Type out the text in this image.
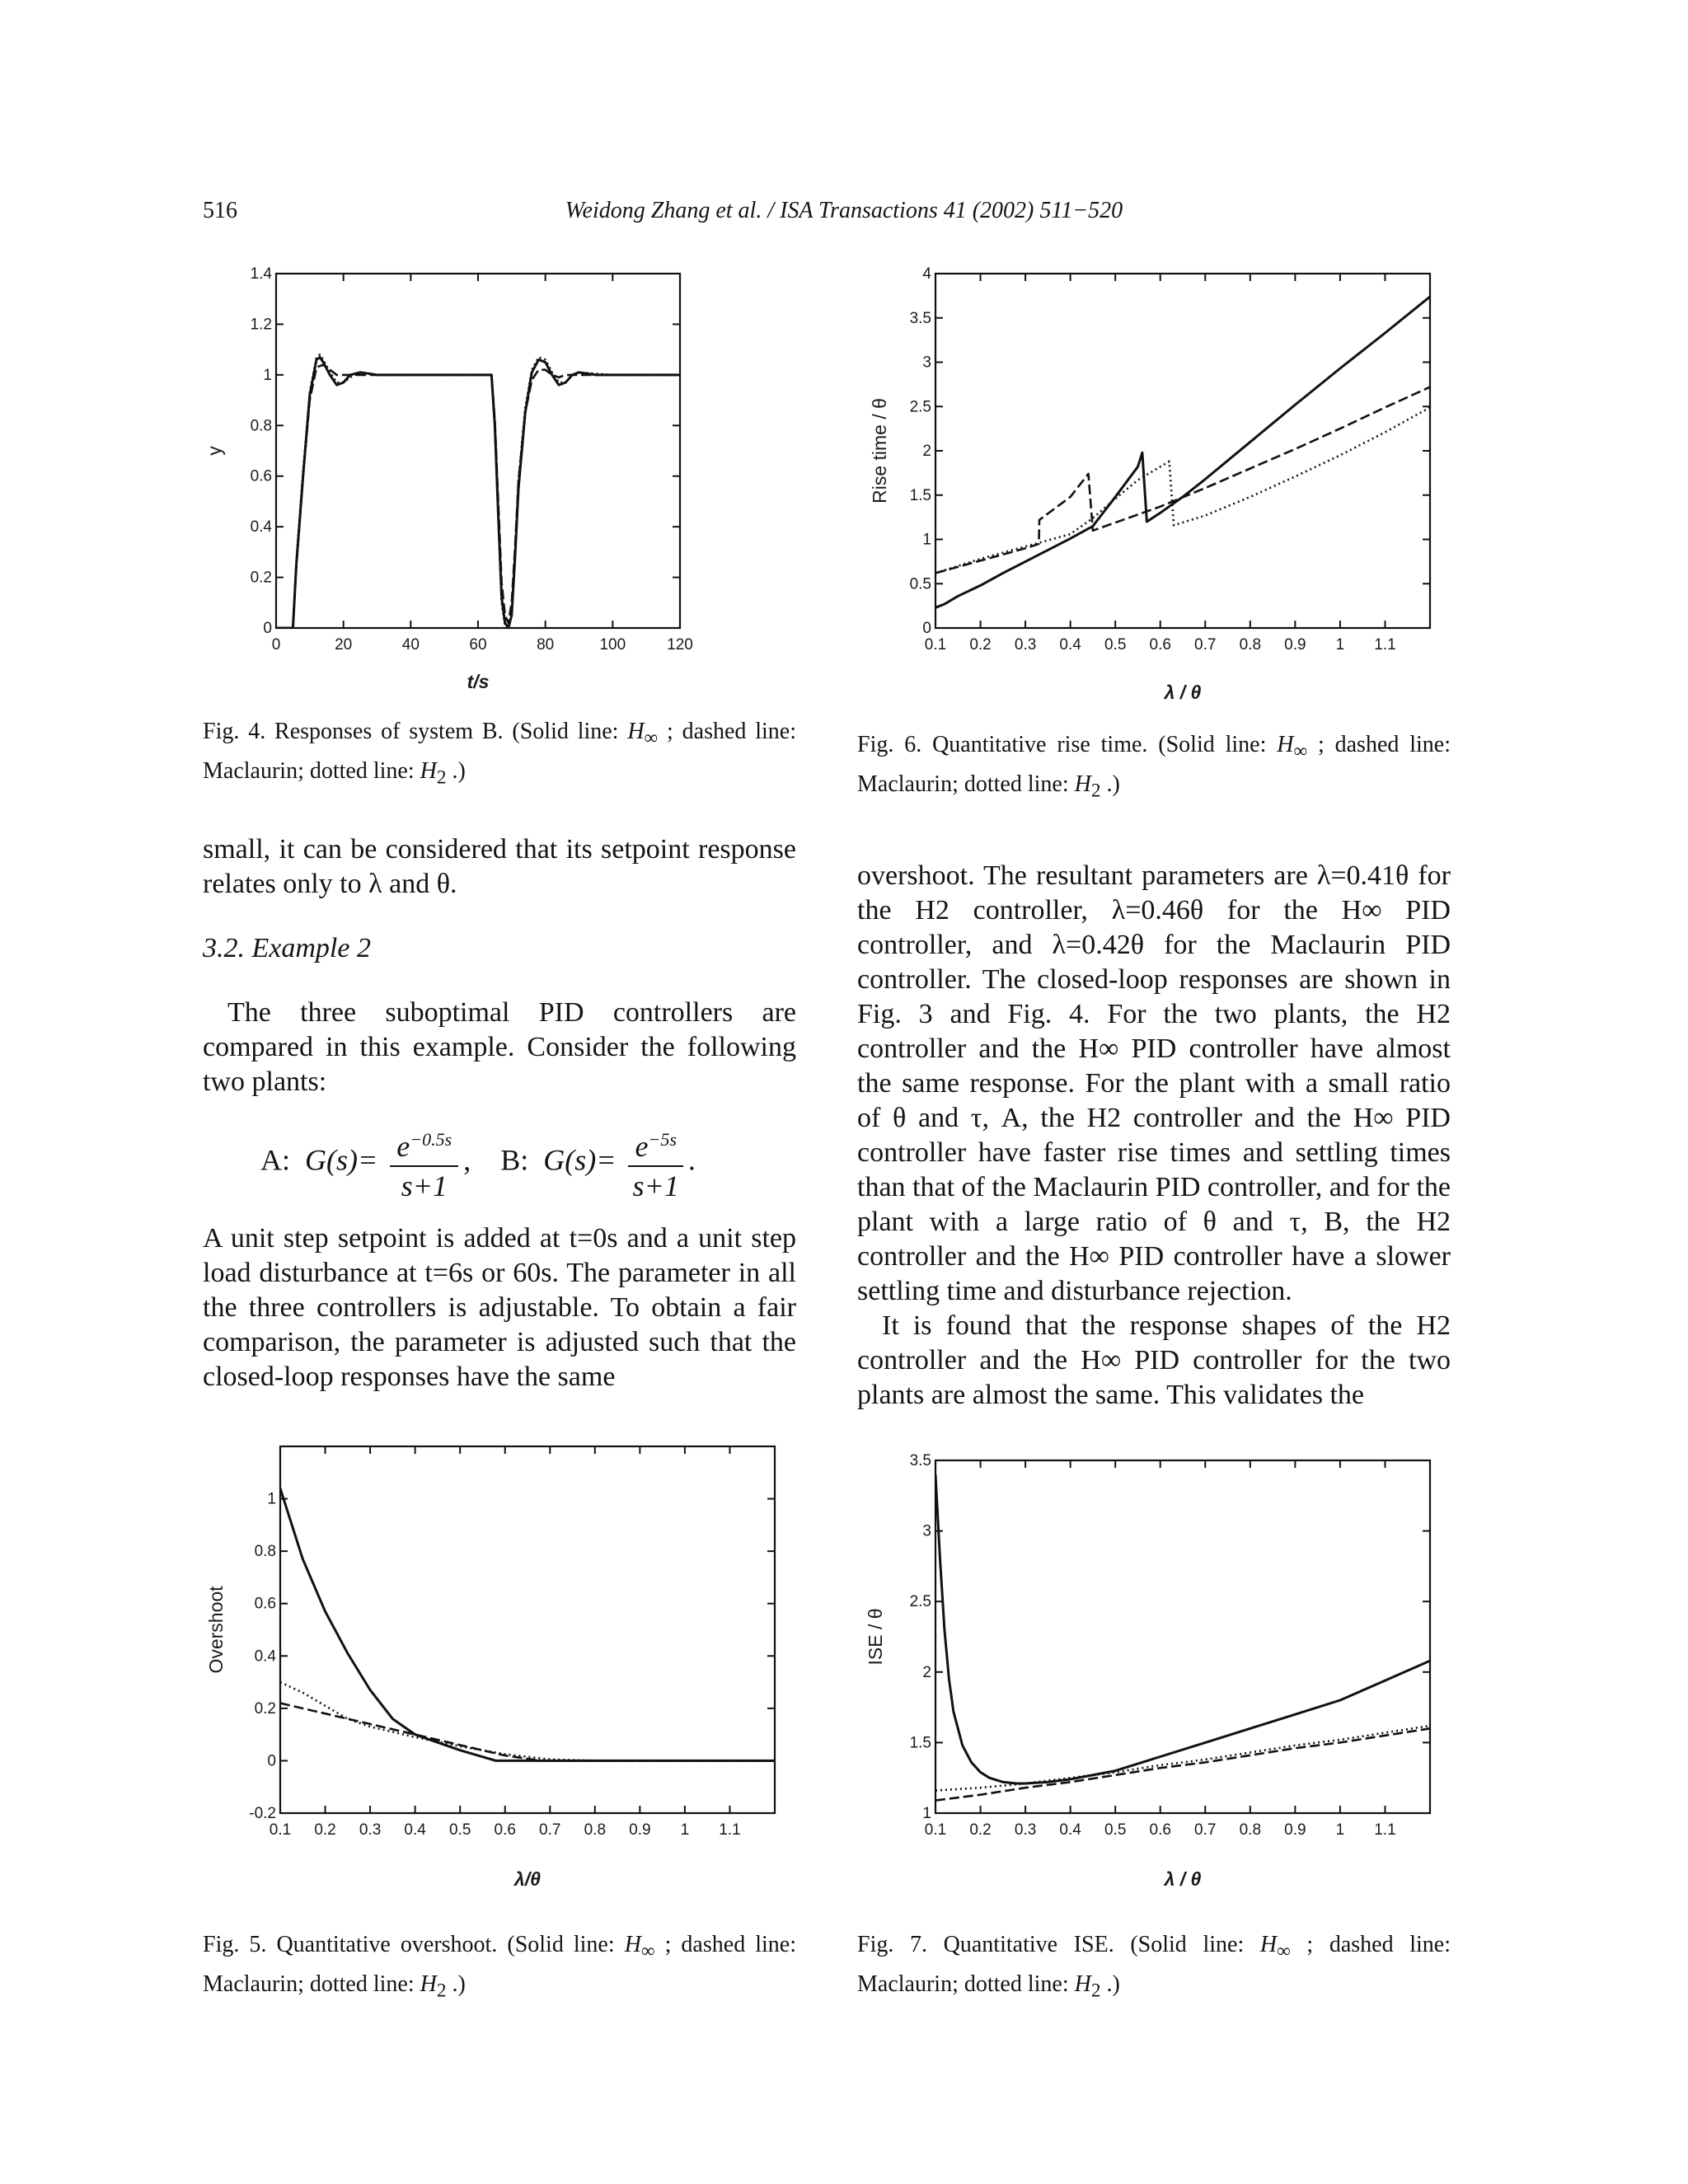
516	Weidong Zhang et al. / ISA Transactions 41 (2002) 511−520
0	20	40	60	80	100	120
0
0.2
0.4
0.6
0.8
1
1.2
1.4
t/s
y
Fig. 4. Responses of system B. (Solid line: $H_\infty$ ; dashed line: Maclaurin; dotted line: $H_2$ .)
0.1 0.2 0.3 0.4 0.5 0.6 0.7 0.8 0.9 1 1.1
0
0.5
1
1.5
2
2.5
3
3.5
4
λ / θ
Rise time / θ
Fig. 6. Quantitative rise time. (Solid line: $H_\infty$ ; dashed line: Maclaurin; dotted line: $H_2$ .)

small, it can be considered that its setpoint response relates only to λ and θ.

3.2. Example 2

The three suboptimal PID controllers are compared in this example. Consider the following two plants:

A: $G(s)= \frac{e^{-0.5s}}{s+1}$ , B: $G(s)= \frac{e^{-5s}}{s+1}$ .

A unit step setpoint is added at t=0s and a unit step load disturbance at t=6s or 60s. The parameter in all the three controllers is adjustable. To obtain a fair comparison, the parameter is adjusted such that the closed-loop responses have the same

overshoot. The resultant parameters are λ=0.41θ for the H2 controller, λ=0.46θ for the H∞ PID controller, and λ=0.42θ for the Maclaurin PID controller. The closed-loop responses are shown in Fig. 3 and Fig. 4. For the two plants, the H2 controller and the H∞ PID controller have almost the same response. For the plant with a small ratio of θ and τ, A, the H2 controller and the H∞ PID controller have faster rise times and settling times than that of the Maclaurin PID controller, and for the plant with a large ratio of θ and τ, B, the H2 controller and the H∞ PID controller have a slower settling time and disturbance rejection.

It is found that the response shapes of the H2 controller and the H∞ PID controller for the two plants are almost the same. This validates the

0.1 0.2 0.3 0.4 0.5 0.6 0.7 0.8 0.9 1 1.1
-0.2
0
0.2
0.4
0.6
0.8
1
λ/θ
Overshoot
Fig. 5. Quantitative overshoot. (Solid line: $H_\infty$ ; dashed line: Maclaurin; dotted line: $H_2$ .)
0.1 0.2 0.3 0.4 0.5 0.6 0.7 0.8 0.9 1 1.1
1
1.5
2
2.5
3
3.5
λ / θ
ISE / θ
Fig. 7. Quantitative ISE. (Solid line: $H_\infty$ ; dashed line: Maclaurin; dotted line: $H_2$ .)
